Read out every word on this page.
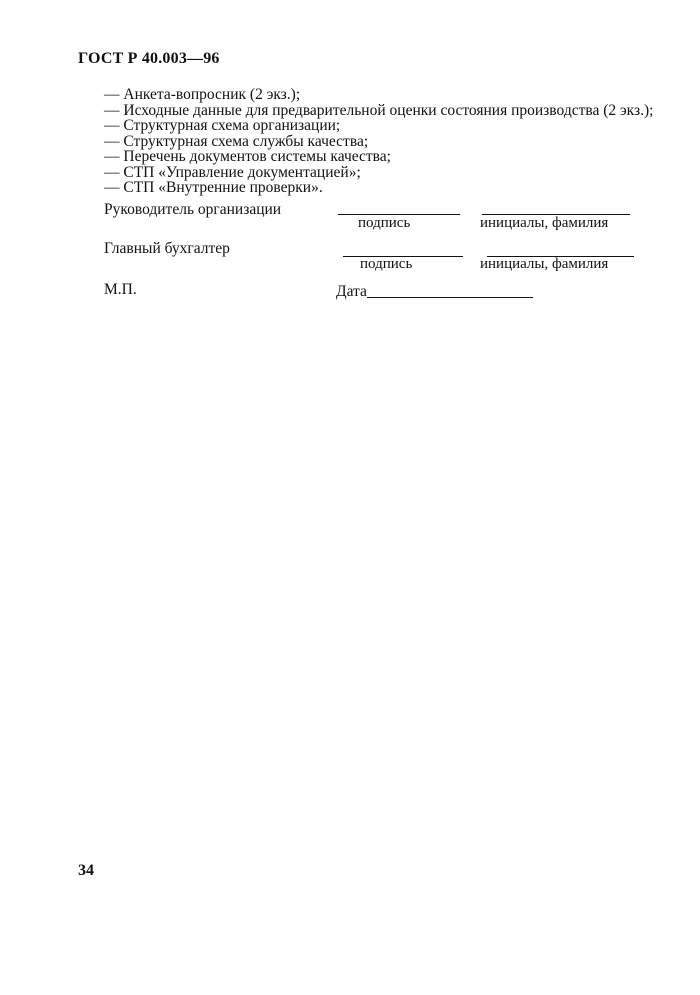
ГОСТ Р 40.003—96
— Анкета-вопросник (2 экз.);
— Исходные данные для предварительной оценки состояния производства (2 экз.);
— Структурная схема организации;
— Структурная схема службы качества;
— Перечень документов системы качества;
— СТП «Управление документацией»;
— СТП «Внутренние проверки».
Руководитель организации
подпись	инициалы, фамилия
Главный бухгалтер
подпись	инициалы, фамилия
М.П.	Дата
34
